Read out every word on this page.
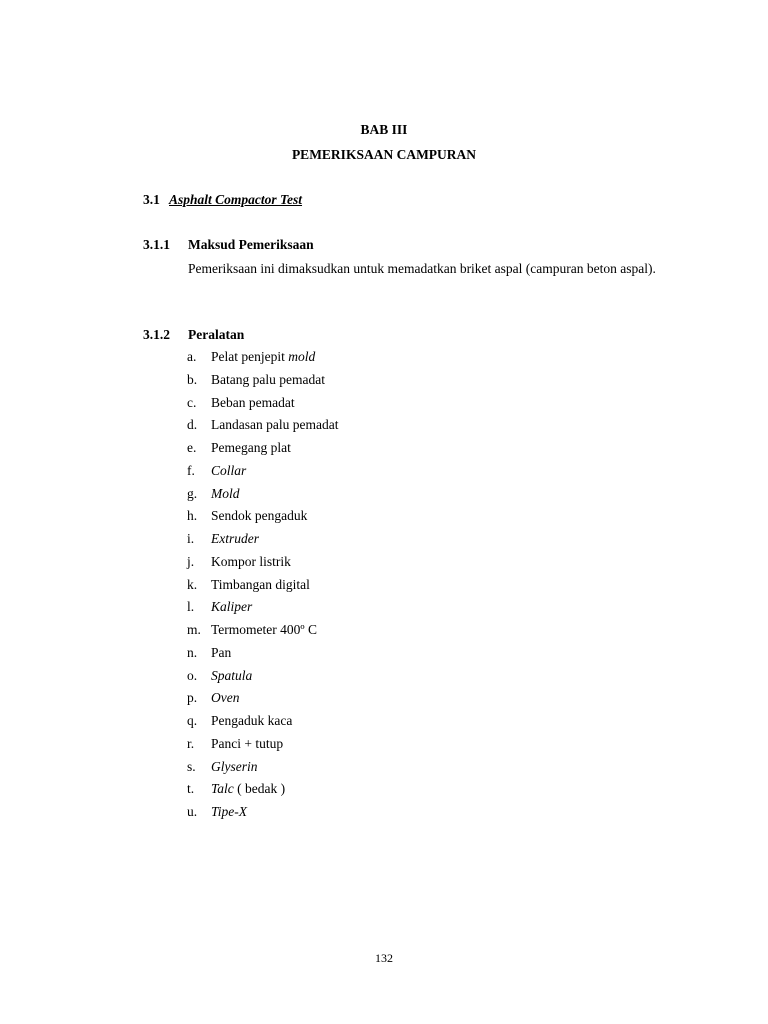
BAB III
PEMERIKSAAN CAMPURAN
3.1 Asphalt Compactor Test
3.1.1 Maksud Pemeriksaan
Pemeriksaan ini dimaksudkan untuk memadatkan briket aspal (campuran beton aspal).
3.1.2 Peralatan
a. Pelat penjepit mold
b. Batang palu pemadat
c. Beban pemadat
d. Landasan palu pemadat
e. Pemegang plat
f. Collar
g. Mold
h. Sendok pengaduk
i. Extruder
j. Kompor listrik
k. Timbangan digital
l. Kaliper
m. Termometer 400º C
n. Pan
o. Spatula
p. Oven
q. Pengaduk kaca
r. Panci + tutup
s. Glyserin
t. Talc ( bedak )
u. Tipe-X
132
